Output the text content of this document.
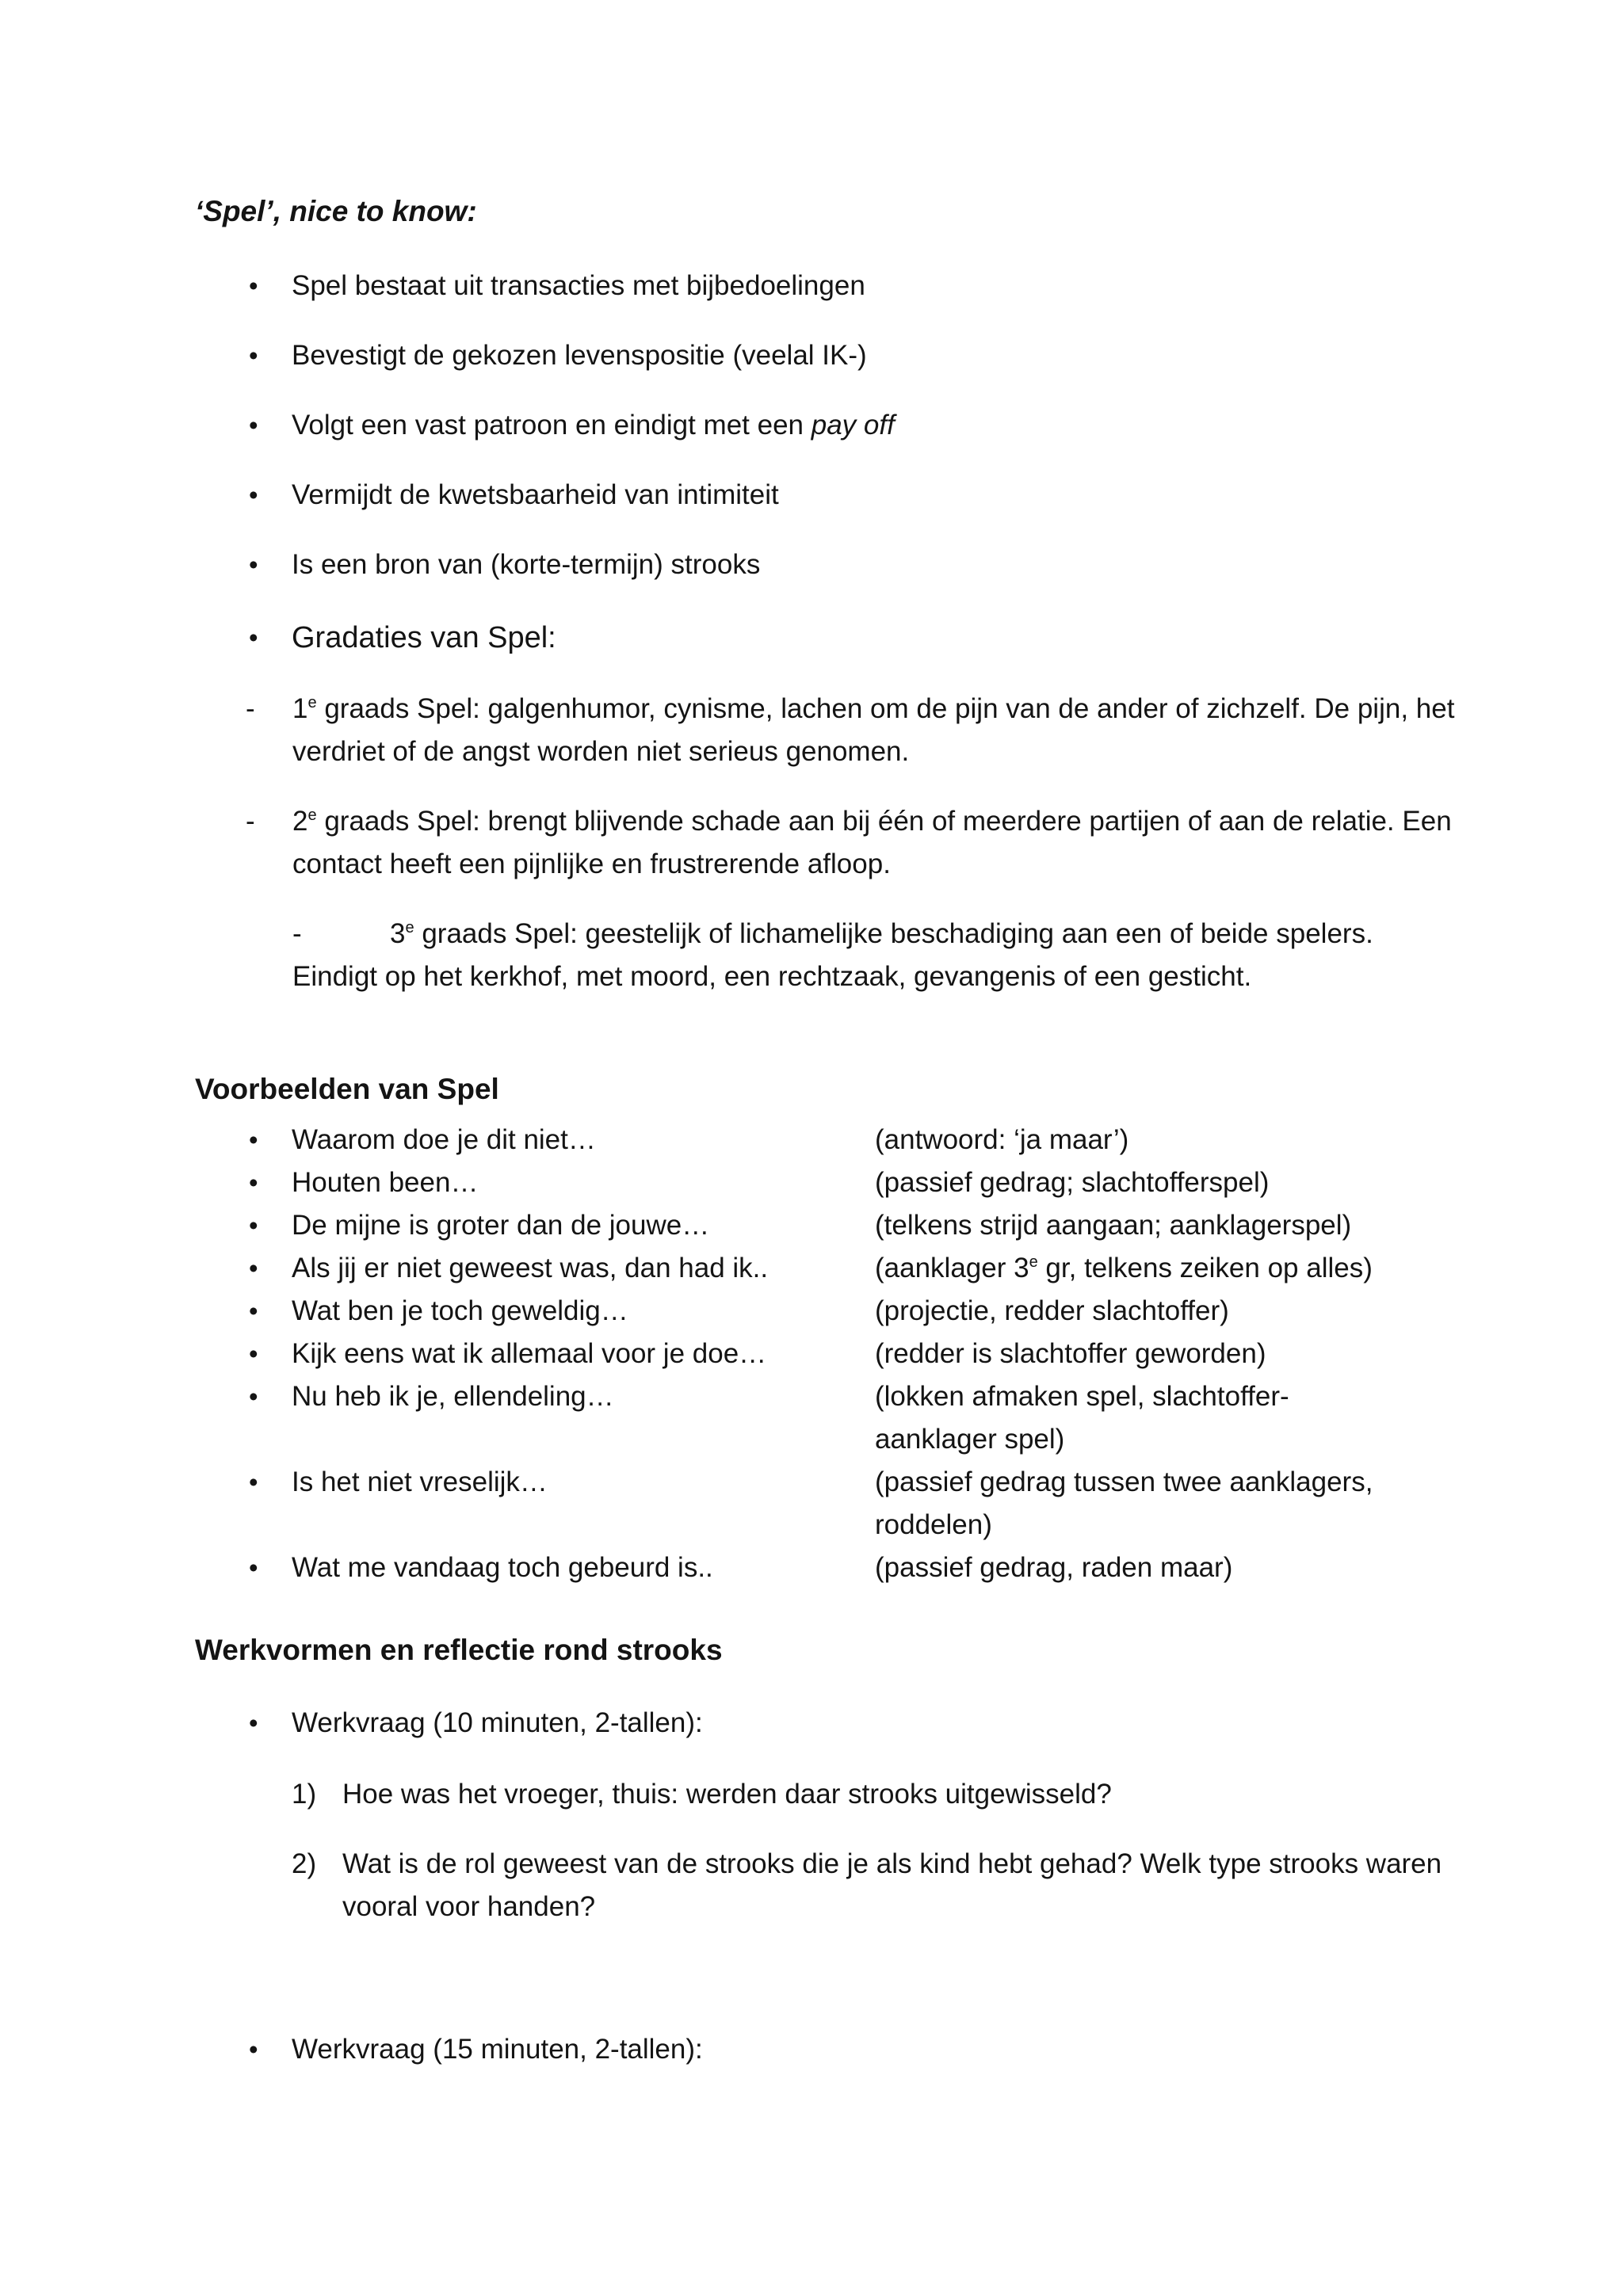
‘Spel’, nice to know:
•
Spel bestaat uit transacties met bijbedoelingen
•
Bevestigt de gekozen levenspositie (veelal IK-)
•
Volgt een vast patroon en eindigt met een pay off
•
Vermijdt de kwetsbaarheid van intimiteit
•
Is een bron van (korte-termijn) strooks
•
Gradaties van Spel:
-
1e graads Spel: galgenhumor, cynisme, lachen om de pijn van de ander of zichzelf. De pijn, het
verdriet of de angst worden niet serieus genomen.
-
2e graads Spel: brengt blijvende schade aan bij één of meerdere partijen of aan de relatie. Een
contact heeft een pijnlijke en frustrerende afloop.
-
3e graads Spel: geestelijk of lichamelijke beschadiging aan een of beide spelers.
Eindigt op het kerkhof, met moord, een rechtzaak, gevangenis of een gesticht.
Voorbeelden van Spel
•
Waarom doe je dit niet…	(antwoord: ‘ja maar’)
•
Houten been…	(passief gedrag; slachtofferspel)
•
De mijne is groter dan de jouwe…	(telkens strijd aangaan; aanklagerspel)
•
Als jij er niet geweest was, dan had ik..	(aanklager 3e gr, telkens zeiken op alles)
•
Wat ben je toch geweldig…	(projectie, redder slachtoffer)
•
Kijk eens wat ik allemaal voor je doe…	(redder is slachtoffer geworden)
•
Nu heb ik je, ellendeling…	(lokken afmaken spel, slachtoffer-
aanklager spel)
•
Is het niet vreselijk…	(passief gedrag tussen twee aanklagers,
roddelen)
•
Wat me vandaag toch gebeurd is..	(passief gedrag, raden maar)
Werkvormen en reflectie rond strooks
•
Werkvraag (10 minuten, 2-tallen):
1) Hoe was het vroeger, thuis: werden daar strooks uitgewisseld?
2) Wat is de rol geweest van de strooks die je als kind hebt gehad? Welk type strooks waren
vooral voor handen?
•
Werkvraag (15 minuten, 2-tallen):
